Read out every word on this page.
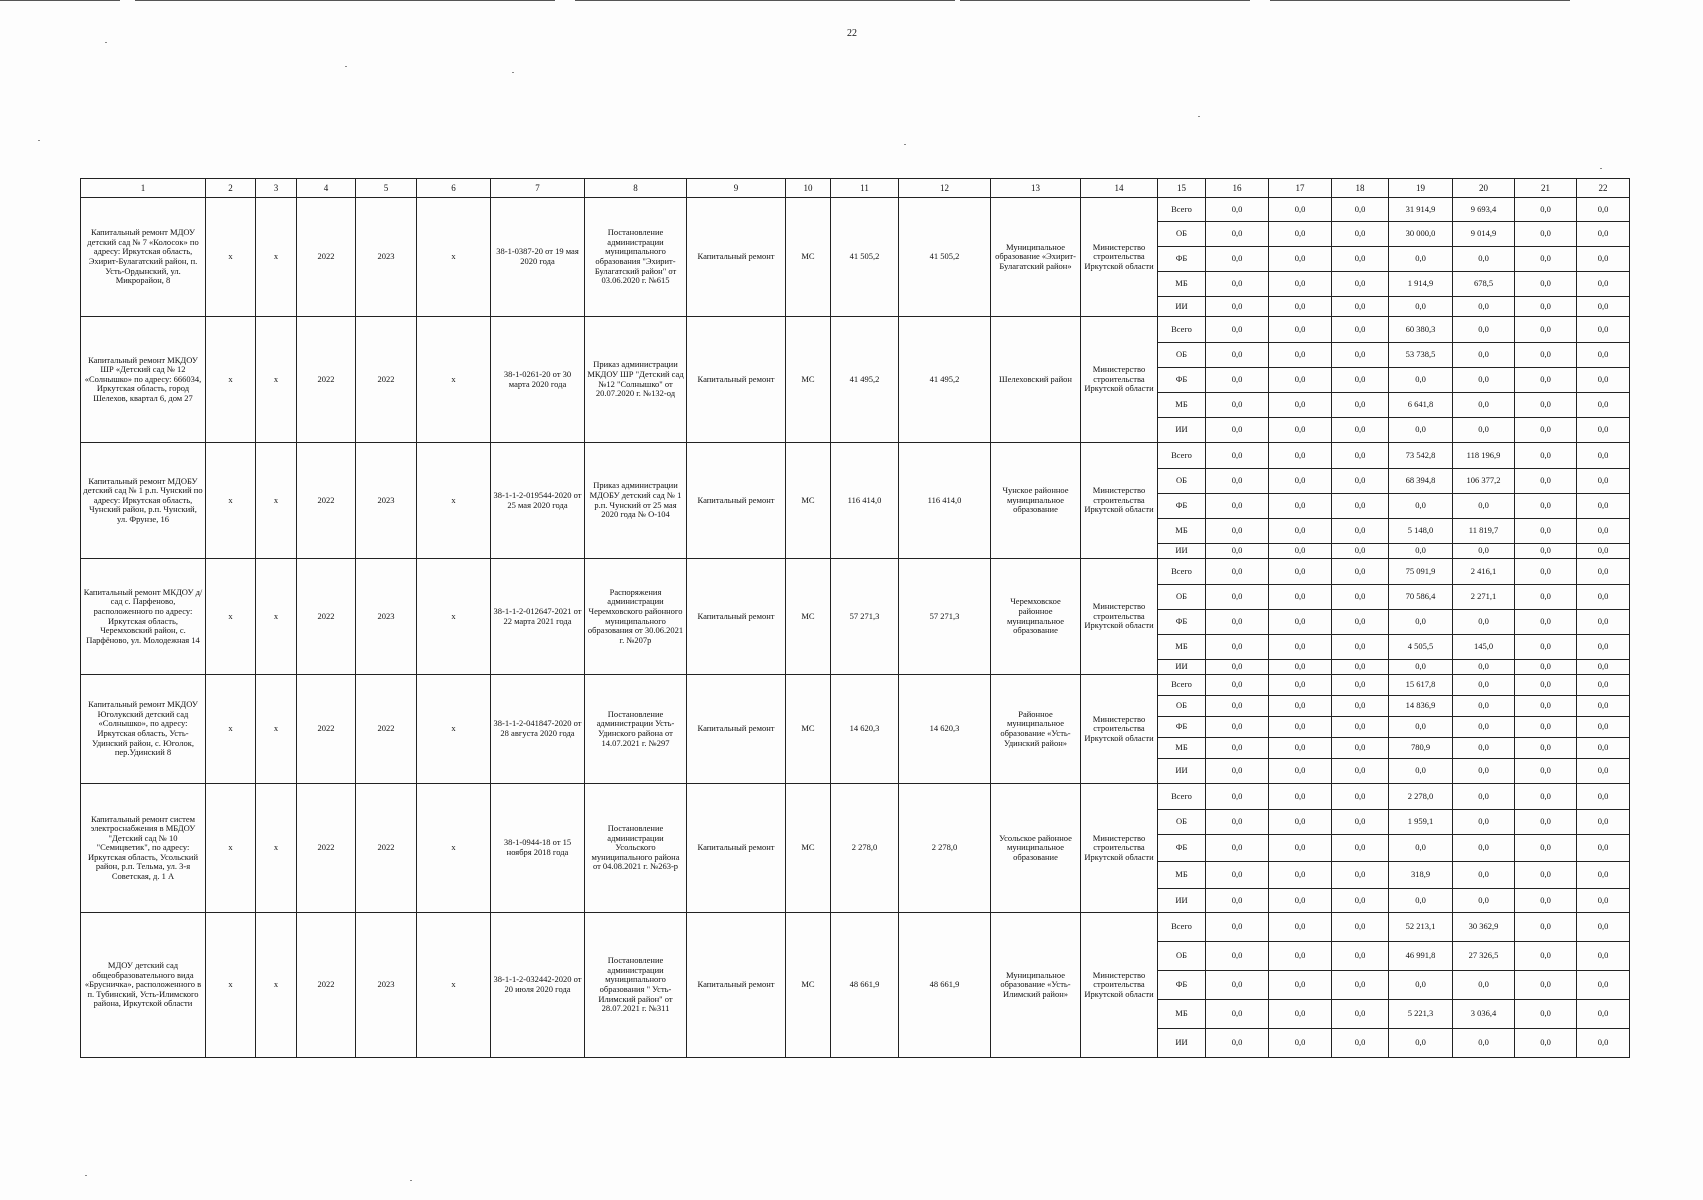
22
1	2	3	4	5	6	7	8	9	10	11	12	13	14	15	16	17	18	19	20	21	22
Капитальный ремонт МДОУ детский сад № 7 «Колосок» по адресу: Иркутская область, Эхирит-Булагатский район, п. Усть-Ордынский, ул. Микрорайон, 8	х	х	2022	2023	х	38-1-0387-20 от 19 мая 2020 года	Постановление администрации муниципального образования "Эхирит-Булагатский район" от 03.06.2020 г. №615	Капитальный ремонт	МС	41 505,2	41 505,2	Муниципальное образование «Эхирит-Булагатский район»	Министерство строительства Иркутской области	Всего	0,0	0,0	0,0	31 914,9	9 693,4	0,0	0,0
														ОБ	0,0	0,0	0,0	30 000,0	9 014,9	0,0	0,0
														ФБ	0,0	0,0	0,0	0,0	0,0	0,0	0,0
														МБ	0,0	0,0	0,0	1 914,9	678,5	0,0	0,0
														ИИ	0,0	0,0	0,0	0,0	0,0	0,0	0,0
Капитальный ремонт МКДОУ ШР «Детский сад № 12 «Солнышко» по адресу: 666034, Иркутская область, город Шелехов, квартал 6, дом 27	х	х	2022	2022	х	38-1-0261-20 от 30 марта 2020 года	Приказ администрации МКДОУ ШР "Детский сад №12 "Солнышко" от 20.07.2020 г. №132-од	Капитальный ремонт	МС	41 495,2	41 495,2	Шелеховский район	Министерство строительства Иркутской области	Всего	0,0	0,0	0,0	60 380,3	0,0	0,0	0,0
														ОБ	0,0	0,0	0,0	53 738,5	0,0	0,0	0,0
														ФБ	0,0	0,0	0,0	0,0	0,0	0,0	0,0
														МБ	0,0	0,0	0,0	6 641,8	0,0	0,0	0,0
														ИИ	0,0	0,0	0,0	0,0	0,0	0,0	0,0
Капитальный ремонт МДОБУ детский сад № 1 р.п. Чунский по адресу: Иркутская область, Чунский район, р.п. Чунский, ул. Фрунзе, 16	х	х	2022	2023	х	38-1-1-2-019544-2020 от 25 мая 2020 года	Приказ администрации МДОБУ детский сад № 1 р.п. Чунский от 25 мая 2020 года № О-104	Капитальный ремонт	МС	116 414,0	116 414,0	Чунское районное муниципальное образование	Министерство строительства Иркутской области	Всего	0,0	0,0	0,0	73 542,8	118 196,9	0,0	0,0
														ОБ	0,0	0,0	0,0	68 394,8	106 377,2	0,0	0,0
														ФБ	0,0	0,0	0,0	0,0	0,0	0,0	0,0
														МБ	0,0	0,0	0,0	5 148,0	11 819,7	0,0	0,0
														ИИ	0,0	0,0	0,0	0,0	0,0	0,0	0,0
Капитальный ремонт МКДОУ д/сад с. Парфеново, расположенного по адресу: Иркутская область, Черемховский район, с. Парфёново, ул. Молодежная 14	х	х	2022	2023	х	38-1-1-2-012647-2021 от 22 марта 2021 года	Распоряжения администрации Черемховского районного муниципального образования от 30.06.2021 г. №207р	Капитальный ремонт	МС	57 271,3	57 271,3	Черемховское районное муниципальное образование	Министерство строительства Иркутской области	Всего	0,0	0,0	0,0	75 091,9	2 416,1	0,0	0,0
														ОБ	0,0	0,0	0,0	70 586,4	2 271,1	0,0	0,0
														ФБ	0,0	0,0	0,0	0,0	0,0	0,0	0,0
														МБ	0,0	0,0	0,0	4 505,5	145,0	0,0	0,0
														ИИ	0,0	0,0	0,0	0,0	0,0	0,0	0,0
Капитальный ремонт МКДОУ Юголукский детский сад «Солнышко», по адресу: Иркутская область, Усть-Удинский район, с. Юголок, пер.Удинский 8	х	х	2022	2022	х	38-1-1-2-041847-2020 от 28 августа 2020 года	Постановление администрации Усть-Удинского района от 14.07.2021 г. №297	Капитальный ремонт	МС	14 620,3	14 620,3	Районное муниципальное образование «Усть-Удинский район»	Министерство строительства Иркутской области	Всего	0,0	0,0	0,0	15 617,8	0,0	0,0	0,0
														ОБ	0,0	0,0	0,0	14 836,9	0,0	0,0	0,0
														ФБ	0,0	0,0	0,0	0,0	0,0	0,0	0,0
														МБ	0,0	0,0	0,0	780,9	0,0	0,0	0,0
														ИИ	0,0	0,0	0,0	0,0	0,0	0,0	0,0
Капитальный ремонт систем электроснабжения в МБДОУ "Детский сад № 10 "Семицветик", по адресу: Иркутская область, Усольский район, р.п. Тельма, ул. 3-я Советская, д. 1 А	х	х	2022	2022	х	38-1-0944-18 от 15 ноября 2018 года	Постановление администрации Усольского муниципального района от 04.08.2021 г. №263-р	Капитальный ремонт	МС	2 278,0	2 278,0	Усольское районное муниципальное образование	Министерство строительства Иркутской области	Всего	0,0	0,0	0,0	2 278,0	0,0	0,0	0,0
														ОБ	0,0	0,0	0,0	1 959,1	0,0	0,0	0,0
														ФБ	0,0	0,0	0,0	0,0	0,0	0,0	0,0
														МБ	0,0	0,0	0,0	318,9	0,0	0,0	0,0
														ИИ	0,0	0,0	0,0	0,0	0,0	0,0	0,0
МДОУ детский сад общеобразовательного вида «Брусничка», расположенного в п. Тубинский, Усть-Илимского района, Иркутской области	х	х	2022	2023	х	38-1-1-2-032442-2020 от 20 июля 2020 года	Постановление администрации муниципального образования " Усть-Илимский район" от 28.07.2021 г. №311	Капитальный ремонт	МС	48 661,9	48 661,9	Муниципальное образование «Усть-Илимский район»	Министерство строительства Иркутской области	Всего	0,0	0,0	0,0	52 213,1	30 362,9	0,0	0,0
														ОБ	0,0	0,0	0,0	46 991,8	27 326,5	0,0	0,0
														ФБ	0,0	0,0	0,0	0,0	0,0	0,0	0,0
														МБ	0,0	0,0	0,0	5 221,3	3 036,4	0,0	0,0
														ИИ	0,0	0,0	0,0	0,0	0,0	0,0	0,0
